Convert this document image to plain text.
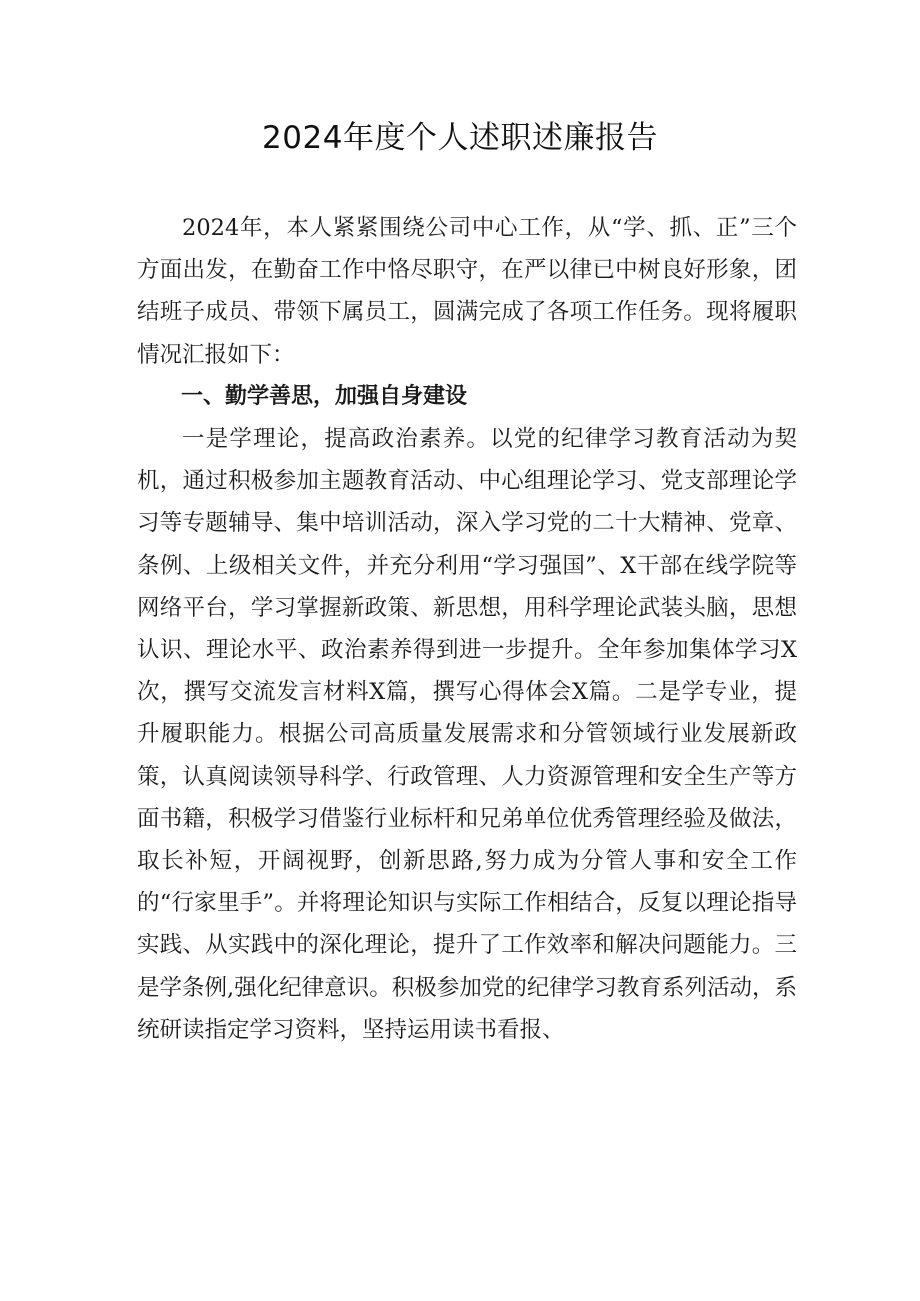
2024年度个人述职述廉报告

2024年，本人紧紧围绕公司中心工作，从“学、抓、正”三个方面出发，在勤奋工作中恪尽职守，在严以律已中树良好形象，团结班子成员、带领下属员工，圆满完成了各项工作任务。现将履职情况汇报如下：

一、勤学善思，加强自身建设

一是学理论，提高政治素养。以党的纪律学习教育活动为契机，通过积极参加主题教育活动、中心组理论学习、党支部理论学习等专题辅导、集中培训活动，深入学习党的二十大精神、党章、条例、上级相关文件，并充分利用“学习强国”、X干部在线学院等网络平台，学习掌握新政策、新思想，用科学理论武装头脑，思想认识、理论水平、政治素养得到进一步提升。全年参加集体学习X次，撰写交流发言材料X篇，撰写心得体会X篇。二是学专业，提升履职能力。根据公司高质量发展需求和分管领域行业发展新政策，认真阅读领导科学、行政管理、人力资源管理和安全生产等方面书籍，积极学习借鉴行业标杆和兄弟单位优秀管理经验及做法，取长补短，开阔视野，创新思路,努力成为分管人事和安全工作的“行家里手”。并将理论知识与实际工作相结合，反复以理论指导实践、从实践中的深化理论，提升了工作效率和解决问题能力。三是学条例,强化纪律意识。积极参加党的纪律学习教育系列活动，系统研读指定学习资料，坚持运用读书看报、
